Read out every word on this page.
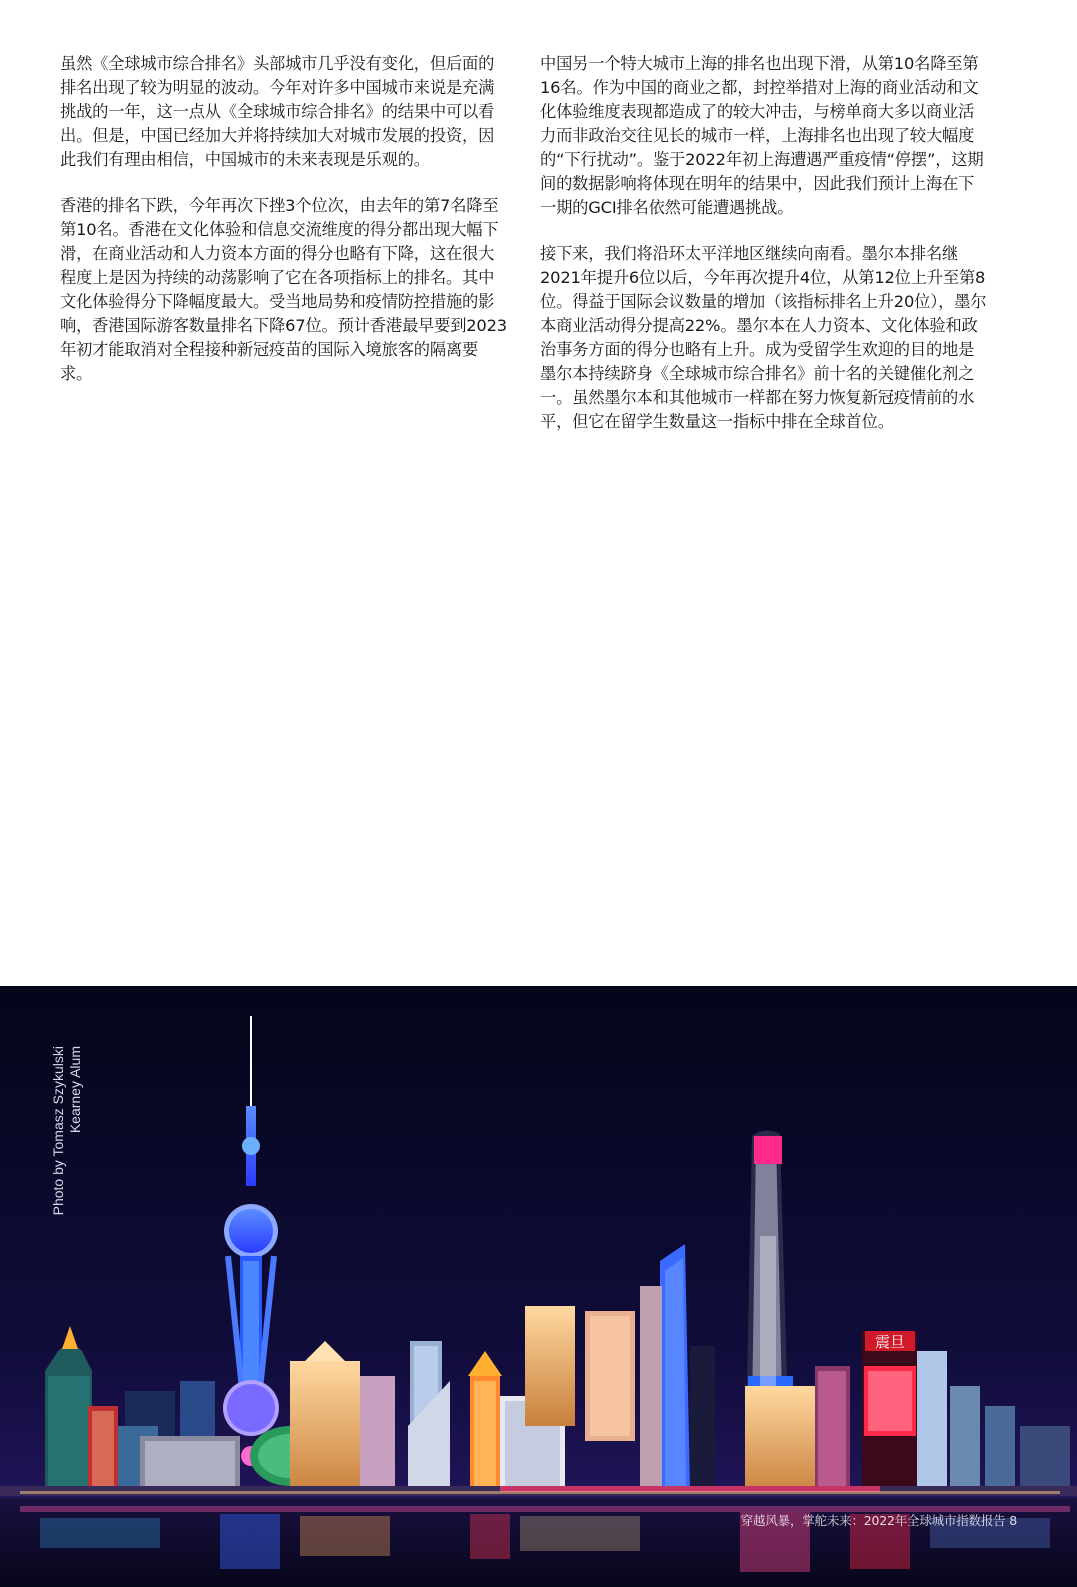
虽然《全球城市综合排名》头部城市几乎没有变化，但后面的排名出现了较为明显的波动。今年对许多中国城市来说是充满挑战的一年，这一点从《全球城市综合排名》的结果中可以看出。但是，中国已经加大并将持续加大对城市发展的投资，因此我们有理由相信，中国城市的未来表现是乐观的。

香港的排名下跌，今年再次下挫3个位次，由去年的第7名降至第10名。香港在文化体验和信息交流维度的得分都出现大幅下滑，在商业活动和人力资本方面的得分也略有下降，这在很大程度上是因为持续的动荡影响了它在各项指标上的排名。其中文化体验得分下降幅度最大。受当地局势和疫情防控措施的影响，香港国际游客数量排名下降67位。预计香港最早要到2023年初才能取消对全程接种新冠疫苗的国际入境旅客的隔离要求。

中国另一个特大城市上海的排名也出现下滑，从第10名降至第16名。作为中国的商业之都，封控举措对上海的商业活动和文化体验维度表现都造成了的较大冲击，与榜单商大多以商业活力而非政治交往见长的城市一样，上海排名也出现了较大幅度的“下行扰动”。鉴于2022年初上海遭遇严重疫情“停摆”，这期间的数据影响将体现在明年的结果中，因此我们预计上海在下一期的GCI排名依然可能遭遇挑战。

接下来，我们将沿环太平洋地区继续向南看。墨尔本排名继2021年提升6位以后，今年再次提升4位，从第12位上升至第8位。得益于国际会议数量的增加（该指标排名上升20位），墨尔本商业活动得分提高22%。墨尔本在人力资本、文化体验和政治事务方面的得分也略有上升。成为受留学生欢迎的目的地是墨尔本持续跻身《全球城市综合排名》前十名的关键催化剂之一。虽然墨尔本和其他城市一样都在努力恢复新冠疫情前的水平，但它在留学生数量这一指标中排在全球首位。

震旦
Photo by Tomasz Szykulski Kearney Alum
穿越风暴，掌舵未来：2022年全球城市指数报告 8
